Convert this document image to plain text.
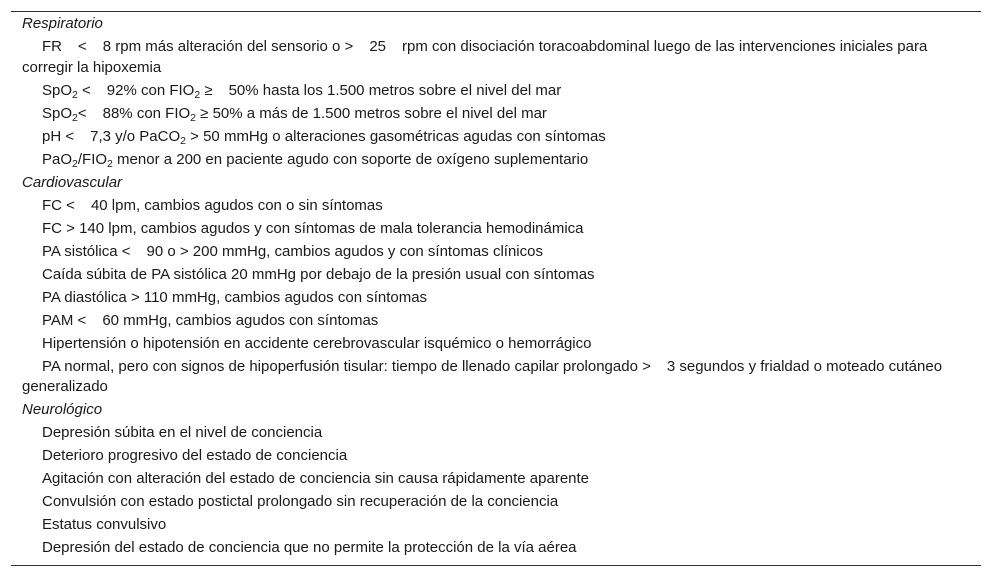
Respiratorio
FR < 8 rpm más alteración del sensorio o > 25 rpm con disociación toracoabdominal luego de las intervenciones iniciales para corregir la hipoxemia
SpO$_2$ < 92% con $FIO_2 \ge 50\%$ hasta los 1.500 metros sobre el nivel del mar
SpO$_2$< 88% con $FIO_2 \ge 50\%$ a más de 1.500 metros sobre el nivel del mar
pH < 7,3 y/o PaCO$_2$ > 50 mmHg o alteraciones gasométricas agudas con síntomas
$PaO_2/FIO_2$ menor a 200 en paciente agudo con soporte de oxígeno suplementario
Cardiovascular
FC < 40 lpm, cambios agudos con o sin síntomas
FC > 140 lpm, cambios agudos y con síntomas de mala tolerancia hemodinámica
PA sistólica < 90 o > 200 mmHg, cambios agudos y con síntomas clínicos
Caída súbita de PA sistólica 20 mmHg por debajo de la presión usual con síntomas
PA diastólica > 110 mmHg, cambios agudos con síntomas
PAM < 60 mmHg, cambios agudos con síntomas
Hipertensión o hipotensión en accidente cerebrovascular isquémico o hemorrágico
PA normal, pero con signos de hipoperfusión tisular: tiempo de llenado capilar prolongado > 3 segundos y frialdad o moteado cutáneo generalizado
Neurológico
Depresión súbita en el nivel de conciencia
Deterioro progresivo del estado de conciencia
Agitación con alteración del estado de conciencia sin causa rápidamente aparente
Convulsión con estado postictal prolongado sin recuperación de la conciencia
Estatus convulsivo
Depresión del estado de conciencia que no permite la protección de la vía aérea
